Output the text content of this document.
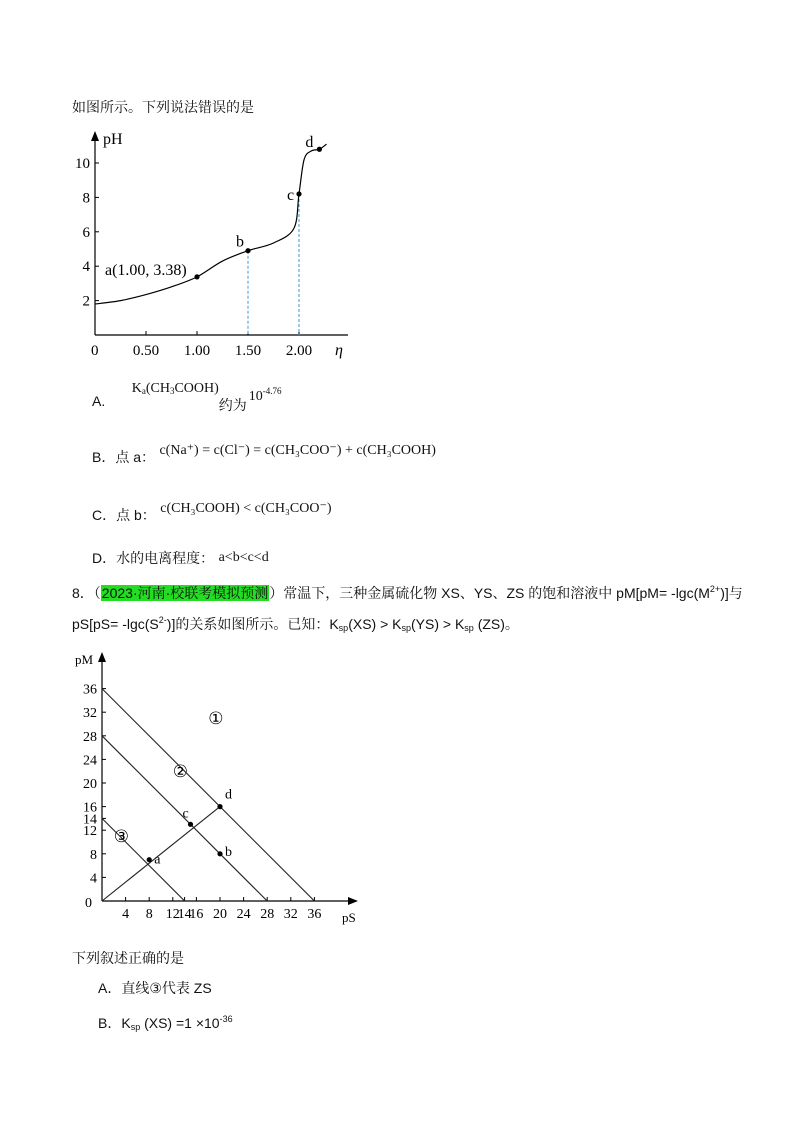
如图所示。下列说法错误的是
pH
2
4
6
8
10
0 0.50 1.00 1.50 2.00 η
a(1.00, 3.38)
b
c
d
A. $K_a(CH_3COOH)$约为$10^{-4.76}$
B．点 a： c(Na⁺) = c(Cl⁻) = c(CH₃COO⁻) + c(CH₃COOH)
C．点 b： c(CH₃COOH) < c(CH₃COO⁻)
D．水的电离程度： a<b<c<d
8．（2023·河南·校联考模拟预测）常温下，三种金属硫化物 XS、YS、ZS 的饱和溶液中 $pM[pM= -\lg c(M^{2+})]$与
$pS[pS= -\lg c(S^{2-})]$的关系如图所示。已知：$K_{sp}(XS) > K_{sp}(YS) > K_{sp}$ (ZS)。
pM
pS
4
8
12
14
16
20
24
28
32
36
0
4 8 12
14
16 20 24 28 32 36
①
②
③
a
b
c
d
下列叙述正确的是
A．直线③代表 ZS
B．$K_{sp}$ $(XS) =1 \times 10^{-36}$
